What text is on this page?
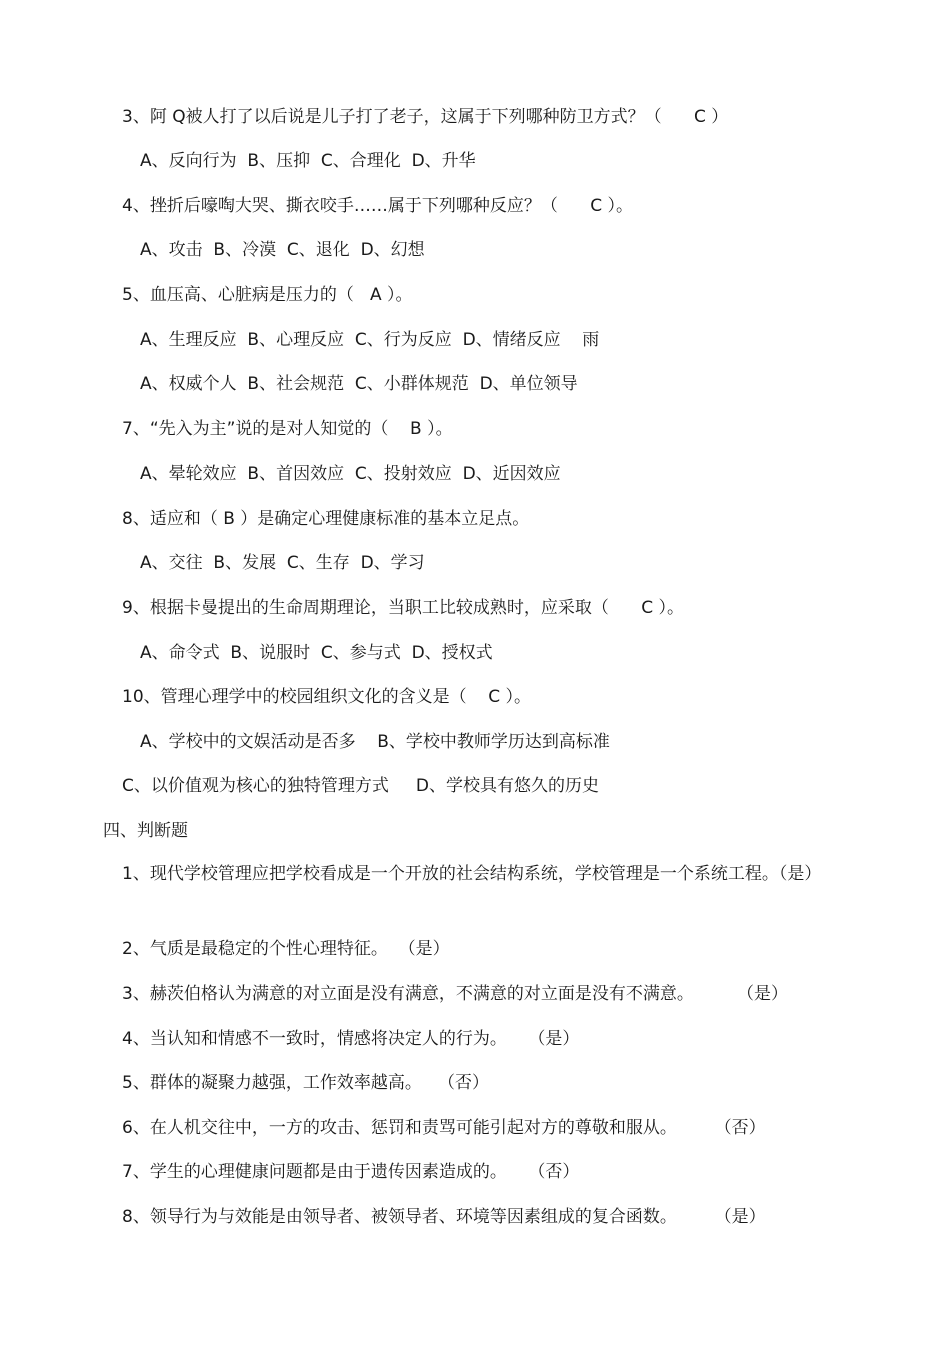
3、阿 Q被人打了以后说是儿子打了老子，这属于下列哪种防卫方式？（      C ）
A、反向行为  B、压抑  C、合理化  D、升华
4、挫折后嚎啕大哭、撕衣咬手……属于下列哪种反应？（      C ）。
A、攻击  B、冷漠  C、退化  D、幻想
5、血压高、心脏病是压力的（   A ）。
A、生理反应  B、心理反应  C、行为反应  D、情绪反应    雨
A、权威个人  B、社会规范  C、小群体规范  D、单位领导
7、“先入为主”说的是对人知觉的（    B ）。
A、晕轮效应  B、首因效应  C、投射效应  D、近因效应
8、适应和（ B ）是确定心理健康标准的基本立足点。
A、交往  B、发展  C、生存  D、学习
9、根据卡曼提出的生命周期理论，当职工比较成熟时，应采取（      C ）。
A、命令式  B、说服时  C、参与式  D、授权式
10、管理心理学中的校园组织文化的含义是（    C ）。
A、学校中的文娱活动是否多    B、学校中教师学历达到高标准
C、以价值观为核心的独特管理方式     D、学校具有悠久的历史
四、判断题
1、现代学校管理应把学校看成是一个开放的社会结构系统，学校管理是一个系统工程。（是）
2、气质是最稳定的个性心理特征。  （是）
3、赫茨伯格认为满意的对立面是没有满意，不满意的对立面是没有不满意。        （是）
4、当认知和情感不一致时，情感将决定人的行为。    （是）
5、群体的凝聚力越强，工作效率越高。   （否）
6、在人机交往中，一方的攻击、惩罚和责骂可能引起对方的尊敬和服从。       （否）
7、学生的心理健康问题都是由于遗传因素造成的。    （否）
8、领导行为与效能是由领导者、被领导者、环境等因素组成的复合函数。       （是）
